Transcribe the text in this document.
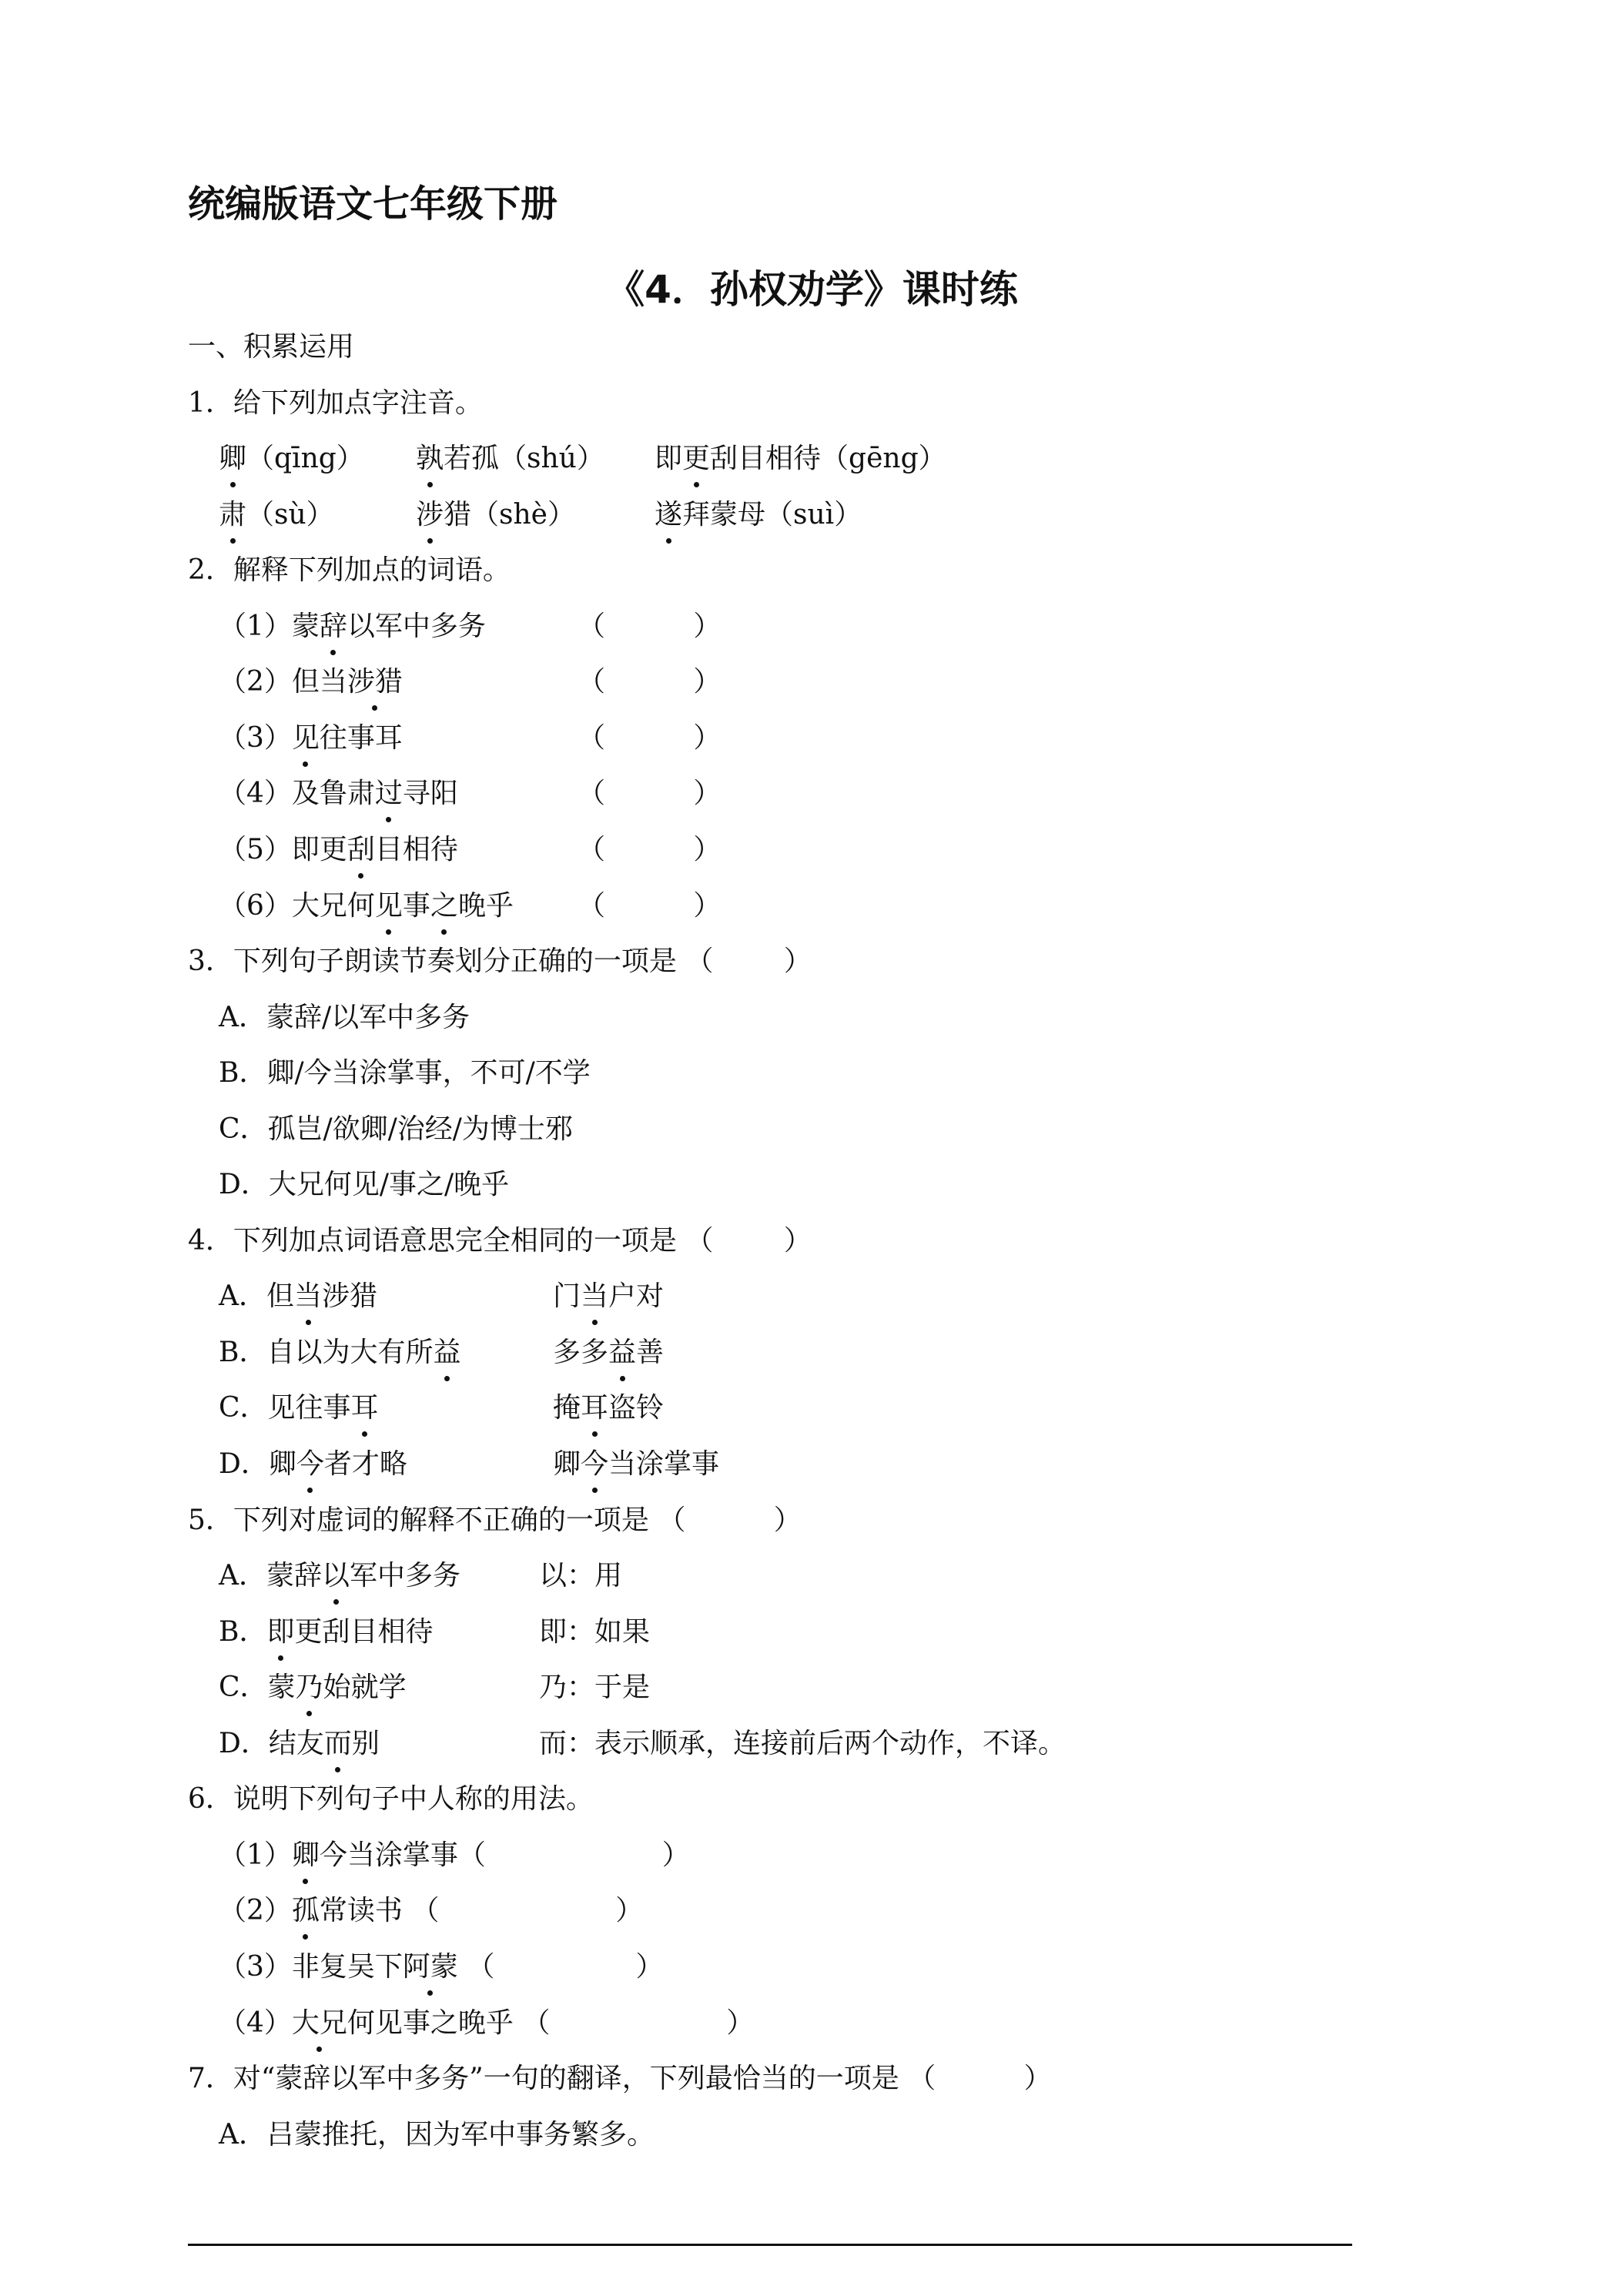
统编版语文七年级下册
《4．孙权劝学》课时练
一、积累运用
1．给下列加点字注音。
卿（qīng） 孰若孤（shú） 即更刮目相待（gēng）
肃（sù）	涉猎（shè）	遂拜蒙母（suì）
2．解释下列加点的词语。
（1）蒙辞以军中多务	（          ）
（2）但当涉猎	（          ）
（3）见往事耳	（          ）
（4）及鲁肃过寻阳	（          ）
（5）即更刮目相待	（          ）
（6）大兄何见事之晚乎 （          ）
3．下列句子朗读节奏划分正确的一项是 （        ）
A．蒙辞/以军中多务
B．卿/今当涂掌事，不可/不学
C．孤岂/欲卿/治经/为博士邪
D．大兄何见/事之/晚乎
4．下列加点词语意思完全相同的一项是 （        ）
A．但当涉猎	门当户对
B．自以为大有所益	多多益善
C．见往事耳	掩耳盗铃
D．卿今者才略	卿今当涂掌事
5．下列对虚词的解释不正确的一项是 （          ）
A．蒙辞以军中多务	以：用
B．即更刮目相待	即：如果
C．蒙乃始就学	乃：于是
D．结友而别	而：表示顺承，连接前后两个动作，不译。
6．说明下列句子中人称的用法。
（1）卿今当涂掌事（                    ）
（2）孤常读书 （                    ）
（3）非复吴下阿蒙 （                ）
（4）大兄何见事之晚乎 （                    ）
7．对“蒙辞以军中多务”一句的翻译，下列最恰当的一项是 （          ）
A．吕蒙推托，因为军中事务繁多。
